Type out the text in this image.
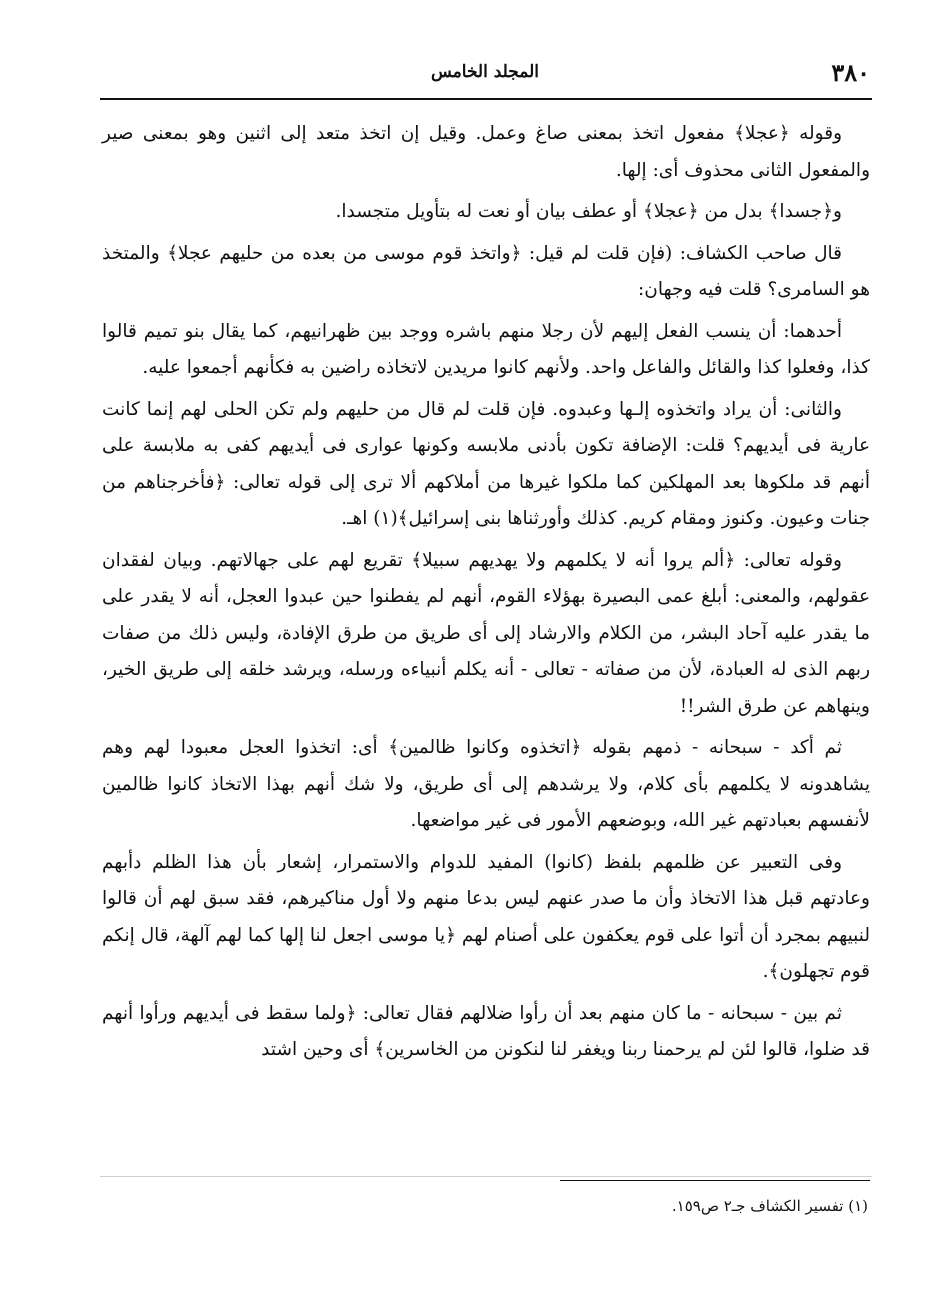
٣٨٠
المجلد الخامس

وقوله ﴿عجلا﴾ مفعول اتخذ بمعنى صاغ وعمل. وقيل إن اتخذ متعد إلى اثنين وهو بمعنى صير والمفعول الثانى محذوف أى: إلها.

و﴿جسدا﴾ بدل من ﴿عجلا﴾ أو عطف بيان أو نعت له بتأويل متجسدا.

قال صاحب الكشاف: (فإن قلت لم قيل: ﴿واتخذ قوم موسى من بعده من حليهم عجلا﴾ والمتخذ هو السامرى؟ قلت فيه وجهان:

أحدهما: أن ينسب الفعل إليهم لأن رجلا منهم باشره ووجد بين ظهرانيهم، كما يقال بنو تميم قالوا كذا، وفعلوا كذا والقائل والفاعل واحد. ولأنهم كانوا مريدين لاتخاذه راضين به فكأنهم أجمعوا عليه.

والثانى: أن يراد واتخذوه إلـها وعبدوه. فإن قلت لم قال من حليهم ولم تكن الحلى لهم إنما كانت عارية فى أيديهم؟ قلت: الإضافة تكون بأدنى ملابسه وكونها عوارى فى أيديهم كفى به ملابسة على أنهم قد ملكوها بعد المهلكين كما ملكوا غيرها من أملاكهم ألا ترى إلى قوله تعالى: ﴿فأخرجناهم من جنات وعيون. وكنوز ومقام كريم. كذلك وأورثناها بنى إسرائيل﴾(١) اهـ.

وقوله تعالى: ﴿ألم يروا أنه لا يكلمهم ولا يهديهم سبيلا﴾ تقريع لهم على جهالاتهم. وبيان لفقدان عقولهم، والمعنى: أبلغ عمى البصيرة بهؤلاء القوم، أنهم لم يفطنوا حين عبدوا العجل، أنه لا يقدر على ما يقدر عليه آحاد البشر، من الكلام والارشاد إلى أى طريق من طرق الإفادة، وليس ذلك من صفات ربهم الذى له العبادة، لأن من صفاته - تعالى - أنه يكلم أنبياءه ورسله، ويرشد خلقه إلى طريق الخير، وينهاهم عن طرق الشر!!

ثم أكد - سبحانه - ذمهم بقوله ﴿اتخذوه وكانوا ظالمين﴾ أى: اتخذوا العجل معبودا لهم وهم يشاهدونه لا يكلمهم بأى كلام، ولا يرشدهم إلى أى طريق، ولا شك أنهم بهذا الاتخاذ كانوا ظالمين لأنفسهم بعبادتهم غير الله، وبوضعهم الأمور فى غير مواضعها.

وفى التعبير عن ظلمهم بلفظ (كانوا) المفيد للدوام والاستمرار، إشعار بأن هذا الظلم دأبهم وعادتهم قبل هذا الاتخاذ وأن ما صدر عنهم ليس بدعا منهم ولا أول مناكيرهم، فقد سبق لهم أن قالوا لنبيهم بمجرد أن أتوا على قوم يعكفون على أصنام لهم ﴿يا موسى اجعل لنا إلها كما لهم آلهة، قال إنكم قوم تجهلون﴾.

ثم بين - سبحانه - ما كان منهم بعد أن رأوا ضلالهم فقال تعالى: ﴿ولما سقط فى أيديهم ورأوا أنهم قد ضلوا، قالوا لئن لم يرحمنا ربنا ويغفر لنا لنكونن من الخاسرين﴾ أى وحين اشتد

(١) تفسير الكشاف جـ٢ ص١٥٩.
